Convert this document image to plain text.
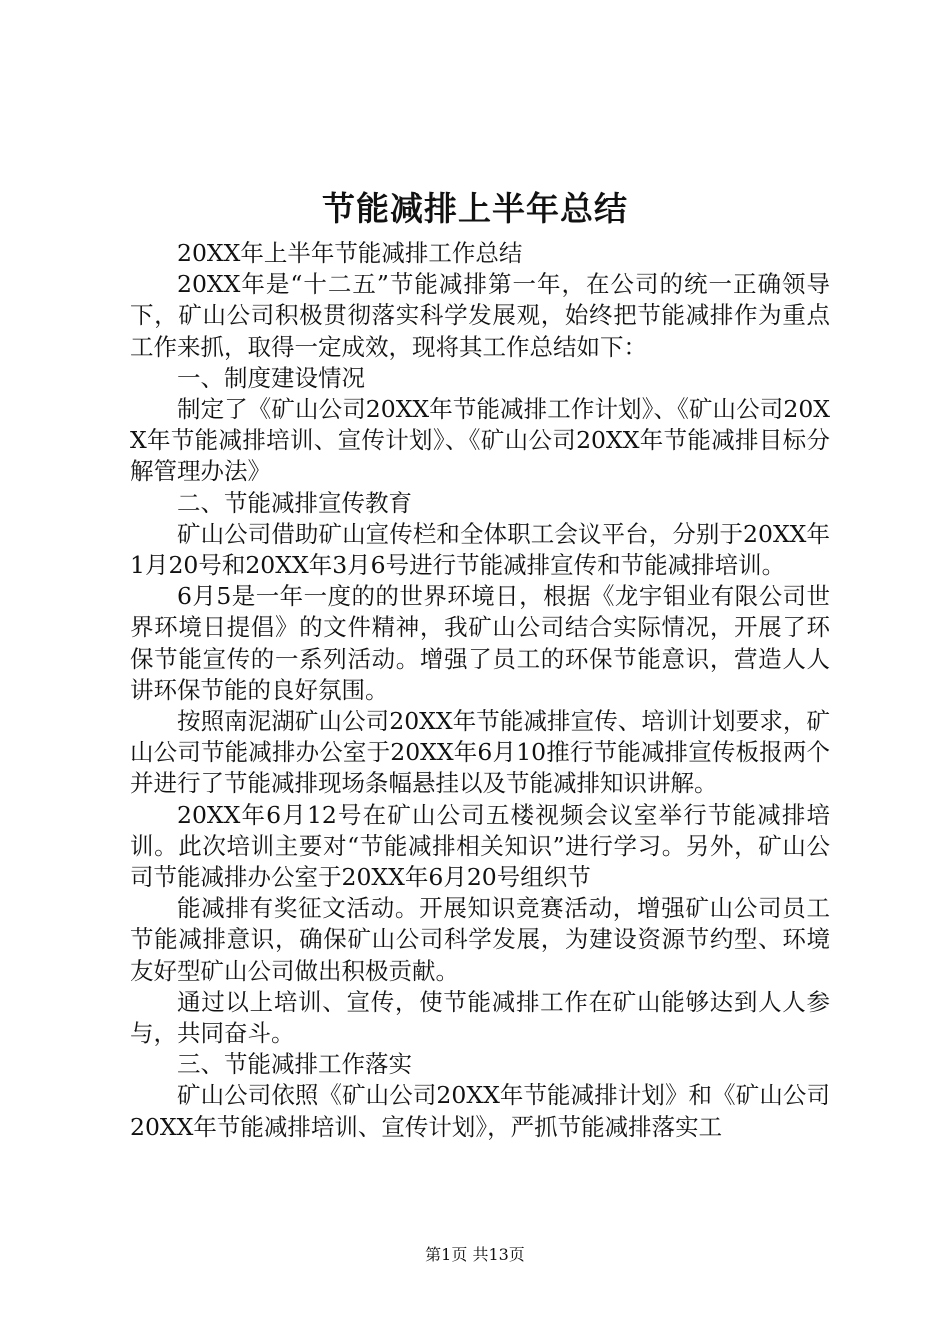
节能减排上半年总结

20XX年上半年节能减排工作总结

20XX年是“十二五”节能减排第一年，在公司的统一正确领导下，矿山公司积极贯彻落实科学发展观，始终把节能减排作为重点工作来抓，取得一定成效，现将其工作总结如下：

一、制度建设情况

制定了《矿山公司20XX年节能减排工作计划》、《矿山公司20XX年节能减排培训、宣传计划》、《矿山公司20XX年节能减排目标分解管理办法》

二、节能减排宣传教育

矿山公司借助矿山宣传栏和全体职工会议平台，分别于20XX年1月20号和20XX年3月6号进行节能减排宣传和节能减排培训。

6月5是一年一度的的世界环境日，根据《龙宇钼业有限公司世界环境日提倡》的文件精神，我矿山公司结合实际情况，开展了环保节能宣传的一系列活动。增强了员工的环保节能意识，营造人人讲环保节能的良好氛围。

按照南泥湖矿山公司20XX年节能减排宣传、培训计划要求，矿山公司节能减排办公室于20XX年6月10推行节能减排宣传板报两个并进行了节能减排现场条幅悬挂以及节能减排知识讲解。

20XX年6月12号在矿山公司五楼视频会议室举行节能减排培训。此次培训主要对“节能减排相关知识”进行学习。另外，矿山公司节能减排办公室于20XX年6月20号组织节

能减排有奖征文活动。开展知识竞赛活动，增强矿山公司员工节能减排意识，确保矿山公司科学发展，为建设资源节约型、环境友好型矿山公司做出积极贡献。

通过以上培训、宣传，使节能减排工作在矿山能够达到人人参与，共同奋斗。

三、节能减排工作落实

矿山公司依照《矿山公司20XX年节能减排计划》和《矿山公司20XX年节能减排培训、宣传计划》，严抓节能减排落实工

第1页 共13页
